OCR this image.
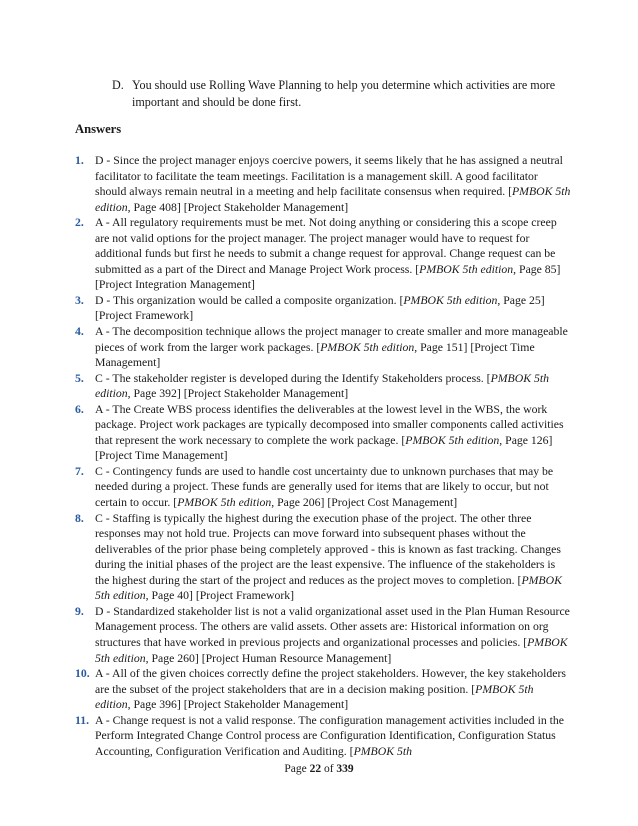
D. You should use Rolling Wave Planning to help you determine which activities are more important and should be done first.
Answers
1. D - Since the project manager enjoys coercive powers, it seems likely that he has assigned a neutral facilitator to facilitate the team meetings. Facilitation is a management skill. A good facilitator should always remain neutral in a meeting and help facilitate consensus when required. [PMBOK 5th edition, Page 408] [Project Stakeholder Management]
2. A - All regulatory requirements must be met. Not doing anything or considering this a scope creep are not valid options for the project manager. The project manager would have to request for additional funds but first he needs to submit a change request for approval. Change request can be submitted as a part of the Direct and Manage Project Work process. [PMBOK 5th edition, Page 85] [Project Integration Management]
3. D - This organization would be called a composite organization. [PMBOK 5th edition, Page 25] [Project Framework]
4. A - The decomposition technique allows the project manager to create smaller and more manageable pieces of work from the larger work packages. [PMBOK 5th edition, Page 151] [Project Time Management]
5. C - The stakeholder register is developed during the Identify Stakeholders process. [PMBOK 5th edition, Page 392] [Project Stakeholder Management]
6. A - The Create WBS process identifies the deliverables at the lowest level in the WBS, the work package. Project work packages are typically decomposed into smaller components called activities that represent the work necessary to complete the work package. [PMBOK 5th edition, Page 126] [Project Time Management]
7. C - Contingency funds are used to handle cost uncertainty due to unknown purchases that may be needed during a project. These funds are generally used for items that are likely to occur, but not certain to occur. [PMBOK 5th edition, Page 206] [Project Cost Management]
8. C - Staffing is typically the highest during the execution phase of the project. The other three responses may not hold true. Projects can move forward into subsequent phases without the deliverables of the prior phase being completely approved - this is known as fast tracking. Changes during the initial phases of the project are the least expensive. The influence of the stakeholders is the highest during the start of the project and reduces as the project moves to completion. [PMBOK 5th edition, Page 40] [Project Framework]
9. D - Standardized stakeholder list is not a valid organizational asset used in the Plan Human Resource Management process. The others are valid assets. Other assets are: Historical information on org structures that have worked in previous projects and organizational processes and policies. [PMBOK 5th edition, Page 260] [Project Human Resource Management]
10. A - All of the given choices correctly define the project stakeholders. However, the key stakeholders are the subset of the project stakeholders that are in a decision making position. [PMBOK 5th edition, Page 396] [Project Stakeholder Management]
11. A - Change request is not a valid response. The configuration management activities included in the Perform Integrated Change Control process are Configuration Identification, Configuration Status Accounting, Configuration Verification and Auditing. [PMBOK 5th
Page 22 of 339
